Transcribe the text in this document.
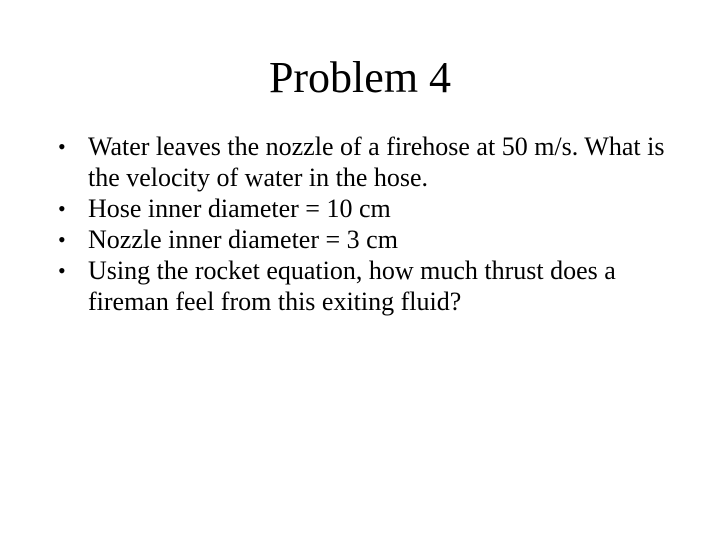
Problem 4
• Water leaves the nozzle of a firehose at 50 m/s. What is the velocity of water in the hose.
• Hose inner diameter = 10 cm
• Nozzle inner diameter = 3 cm
• Using the rocket equation, how much thrust does a fireman feel from this exiting fluid?
